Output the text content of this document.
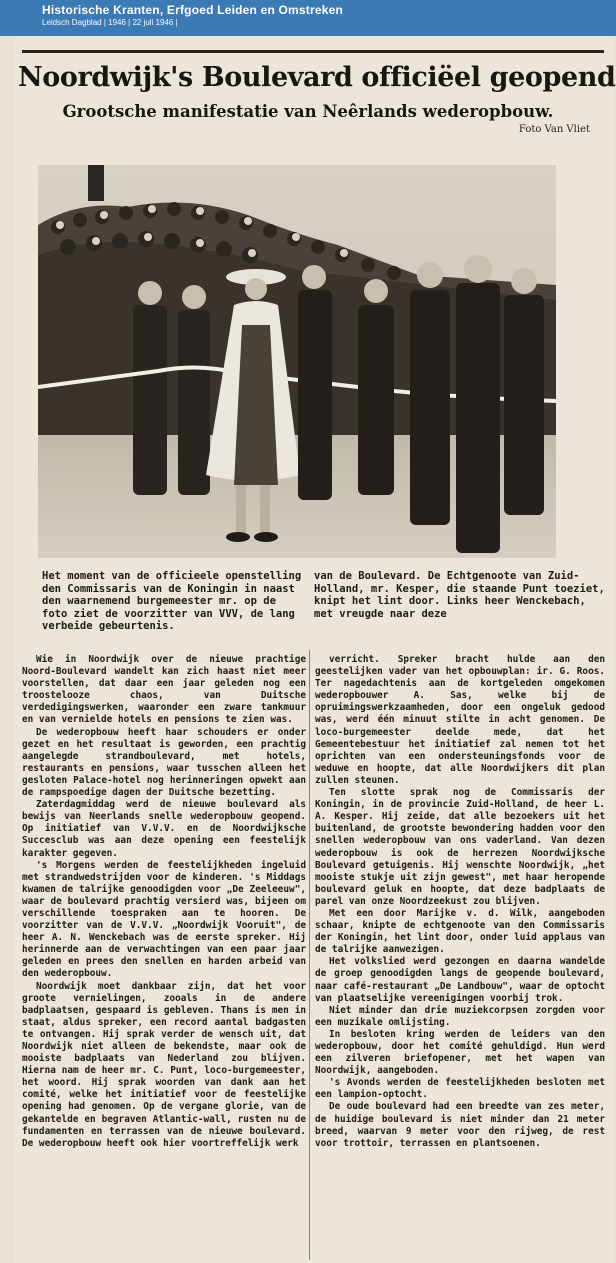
Historische Kranten, Erfgoed Leiden en Omstreken
Leidsch Dagblad | 1946 | 22 juli 1946 |
Noordwijk's Boulevard officiëel geopend
Grootsche manifestatie van Neêrlands wederopbouw.
Foto Van Vliet
Het moment van de officieele openstelling den Commissaris van de Koningin in naast den waarnemend burgemeester mr. op de foto ziet de voorzitter van VVV, de lang verbeide gebeurtenis.
van de Boulevard. De Echtgenoote van Zuid-Holland, mr. Kesper, die staande Punt toeziet, knipt het lint door. Links heer Wenckebach, met vreugde naar deze

Wie in Noordwijk over de nieuwe prachtige Noord-Boulevard wandelt kan zich haast niet meer voorstellen, dat daar een jaar geleden nog een troostelooze chaos, van Duitsche verdedigingswerken, waaronder een zware tankmuur en van vernielde hotels en pensions te zien was.

De wederopbouw heeft haar schouders er onder gezet en het resultaat is geworden, een prachtig aangelegde strandboulevard, met hotels, restaurants en pensions, waar tusschen alleen het gesloten Palace-hotel nog herinneringen opwekt aan de rampspoedige dagen der Duitsche bezetting.

Zaterdagmiddag werd de nieuwe boulevard als bewijs van Neerlands snelle wederopbouw geopend. Op initiatief van V.V.V. en de Noordwijksche Succesclub was aan deze opening een feestelijk karakter gegeven.

's Morgens werden de feestelijkheden ingeluid met strandwedstrijden voor de kinderen. 's Middags kwamen de talrijke genoodigden voor „De Zeeleeuw", waar de boulevard prachtig versierd was, bijeen om verschillende toespraken aan te hooren. De voorzitter van de V.V.V. „Noordwijk Vooruit", de heer A. N. Wenckebach was de eerste spreker. Hij herinnerde aan de verwachtingen van een paar jaar geleden en prees den snellen en harden arbeid van den wederopbouw.

Noordwijk moet dankbaar zijn, dat het voor groote vernielingen, zooals in de andere badplaatsen, gespaard is gebleven. Thans is men in staat, aldus spreker, een record aantal badgasten te ontvangen. Hij sprak verder de wensch uit, dat Noordwijk niet alleen de bekendste, maar ook de mooiste badplaats van Nederland zou blijven. Hierna nam de heer mr. C. Punt, loco-burgemeester, het woord. Hij sprak woorden van dank aan het comité, welke het initiatief voor de feestelijke opening had genomen. Op de vergane glorie, van de gekantelde en begraven Atlantic-wall, rusten nu de fundamenten en terrassen van de nieuwe boulevard. De wederopbouw heeft ook hier voortreffelijk werk

verricht. Spreker bracht hulde aan den geestelijken vader van het opbouwplan: ir. G. Roos. Ter nagedachtenis aan de kortgeleden omgekomen wederopbouwer A. Sas, welke bij de opruimingswerkzaamheden, door een ongeluk gedood was, werd één minuut stilte in acht genomen. De loco-burgemeester deelde mede, dat het Gemeentebestuur het initiatief zal nemen tot het oprichten van een ondersteuningsfonds voor de weduwe en hoopte, dat alle Noordwijkers dit plan zullen steunen.

Ten slotte sprak nog de Commissaris der Koningin, in de provincie Zuid-Holland, de heer L. A. Kesper. Hij zeide, dat alle bezoekers uit het buitenland, de grootste bewondering hadden voor den snellen wederopbouw van ons vaderland. Van dezen wederopbouw is ook de herrezen Noordwijksche Boulevard getuigenis. Hij wenschte Noordwijk, „het mooiste stukje uit zijn gewest", met haar heropende boulevard geluk en hoopte, dat deze badplaats de parel van onze Noordzeekust zou blijven.

Met een door Marijke v. d. Wilk, aangeboden schaar, knipte de echtgenoote van den Commissaris der Koningin, het lint door, onder luid applaus van de talrijke aanwezigen.

Het volkslied werd gezongen en daarna wandelde de groep genoodigden langs de geopende boulevard, naar café-restaurant „De Landbouw", waar de optocht van plaatselijke vereenigingen voorbij trok.

Niet minder dan drie muziekcorpsen zorgden voor een muzikale omlijsting.

In besloten kring werden de leiders van den wederopbouw, door het comité gehuldigd. Hun werd een zilveren briefopener, met het wapen van Noordwijk, aangeboden.

's Avonds werden de feestelijkheden besloten met een lampion-optocht.

De oude boulevard had een breedte van zes meter, de huidige boulevard is niet minder dan 21 meter breed, waarvan 9 meter voor den rijweg, de rest voor trottoir, terrassen en plantsoenen.
